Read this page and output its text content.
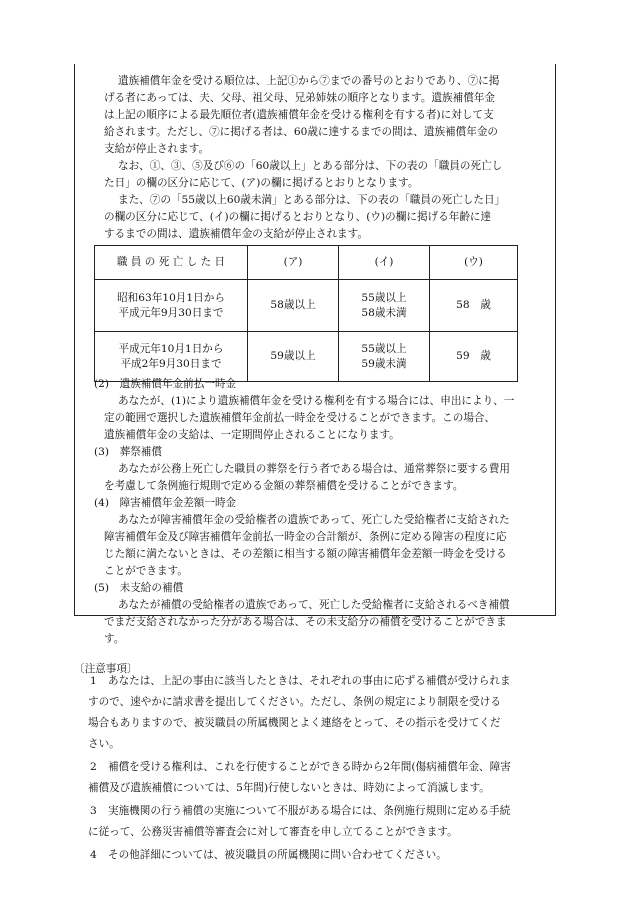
遺族補償年金を受ける順位は、上記①から⑦までの番号のとおりであり、⑦に掲

げる者にあっては、夫、父母、祖父母、兄弟姉妹の順序となります。遺族補償年金

は上記の順序による最先順位者(遺族補償年金を受ける権利を有する者)に対して支

給されます。ただし、⑦に掲げる者は、60歳に達するまでの間は、遺族補償年金の

支給が停止されます。

なお、①、③、⑤及び⑥の「60歳以上」とある部分は、下の表の「職員の死亡し

た日」の欄の区分に応じて、(ア)の欄に掲げるとおりとなります。

また、⑦の「55歳以上60歳未満」とある部分は、下の表の「職員の死亡した日」

の欄の区分に応じて、(イ)の欄に掲げるとおりとなり、(ウ)の欄に掲げる年齢に達

するまでの間は、遺族補償年金の支給が停止されます。

職 員 の 死 亡 し た 日	(ア)	(イ)	(ウ)

昭和63年10月1日から
平成元年9月30日まで	58歳以上	55歳以上
58歳未満	58　歳

平成元年10月1日から
平成2年9月30日まで	59歳以上	55歳以上
59歳未満	59　歳

(2)　遺族補償年金前払一時金

あなたが、(1)により遺族補償年金を受ける権利を有する場合には、申出により、一

定の範囲で選択した遺族補償年金前払一時金を受けることができます。この場合、

遺族補償年金の支給は、一定期間停止されることになります。

(3)　葬祭補償

あなたが公務上死亡した職員の葬祭を行う者である場合は、通常葬祭に要する費用

を考慮して条例施行規則で定める金額の葬祭補償を受けることができます。

(4)　障害補償年金差額一時金

あなたが障害補償年金の受給権者の遺族であって、死亡した受給権者に支給された

障害補償年金及び障害補償年金前払一時金の合計額が、条例に定める障害の程度に応

じた額に満たないときは、その差額に相当する額の障害補償年金差額一時金を受ける

ことができます。

(5)　未支給の補償

あなたが補償の受給権者の遺族であって、死亡した受給権者に支給されるべき補償

でまだ支給されなかった分がある場合は、その未支給分の補償を受けることができま

す。

〔注意事項〕

1 あなたは、上記の事由に該当したときは、それぞれの事由に応ずる補償が受けられま

すので、速やかに請求書を提出してください。ただし、条例の規定により制限を受ける

場合もありますので、被災職員の所属機関とよく連絡をとって、その指示を受けてくだ

さい。

2 補償を受ける権利は、これを行使することができる時から2年間(傷病補償年金、障害

補償及び遺族補償については、5年間)行使しないときは、時効によって消滅します。

3 実施機関の行う補償の実施について不服がある場合には、条例施行規則に定める手続

に従って、公務災害補償等審査会に対して審査を申し立てることができます。

4 その他詳細については、被災職員の所属機関に問い合わせてください。
